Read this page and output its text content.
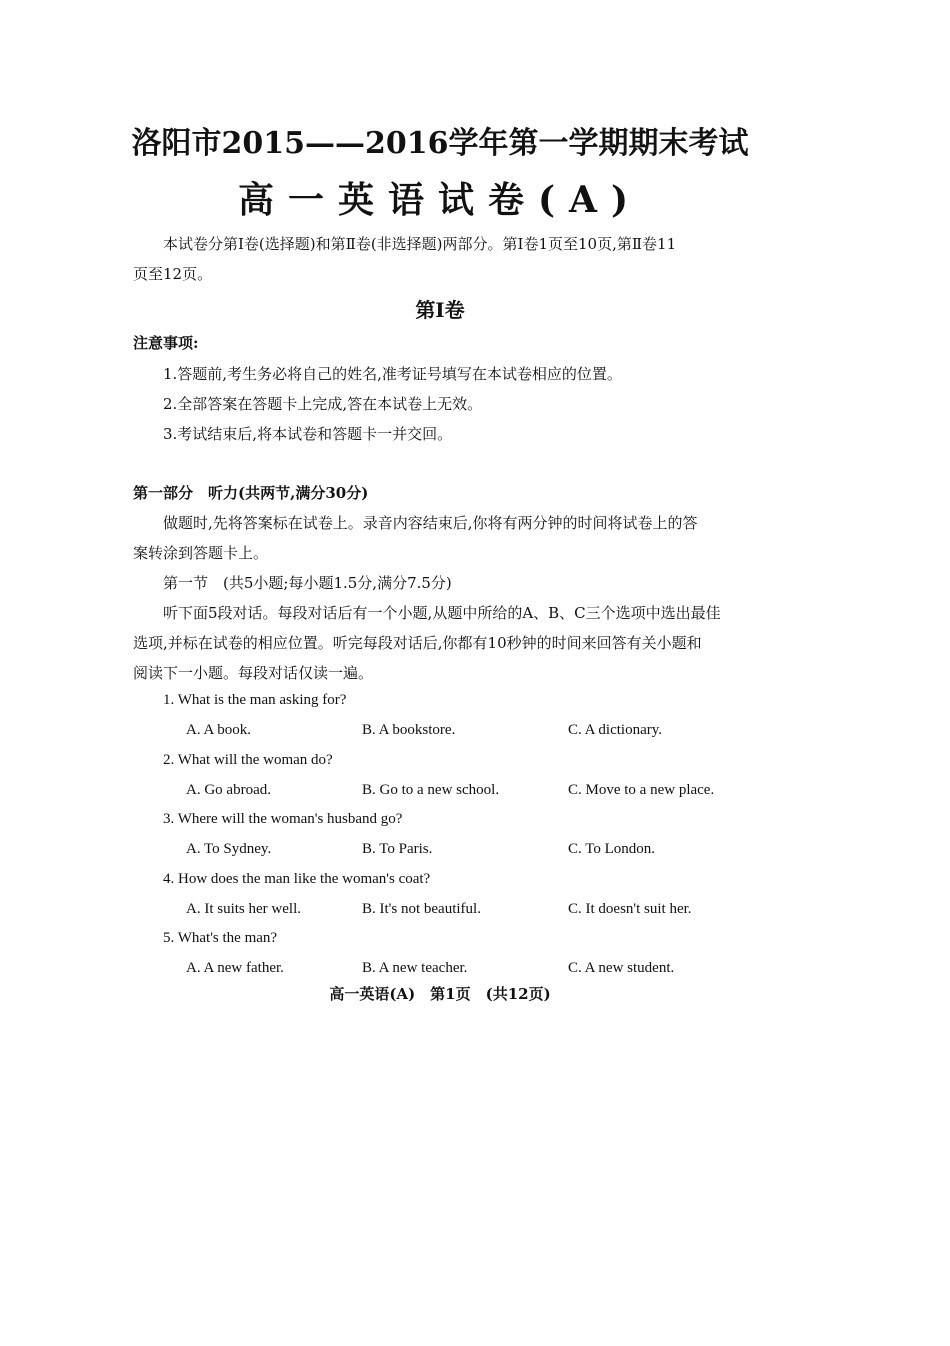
洛阳市2015——2016学年第一学期期末考试
高一英语试卷(A)
本试卷分第Ⅰ卷(选择题)和第Ⅱ卷(非选择题)两部分。第Ⅰ卷1页至10页,第Ⅱ卷11
页至12页。
第Ⅰ卷
注意事项:
1.答题前,考生务必将自己的姓名,准考证号填写在本试卷相应的位置。
2.全部答案在答题卡上完成,答在本试卷上无效。
3.考试结束后,将本试卷和答题卡一并交回。
第一部分　听力(共两节,满分30分)
做题时,先将答案标在试卷上。录音内容结束后,你将有两分钟的时间将试卷上的答
案转涂到答题卡上。
第一节　(共5小题;每小题1.5分,满分7.5分)
听下面5段对话。每段对话后有一个小题,从题中所给的A、B、C三个选项中选出最佳
选项,并标在试卷的相应位置。听完每段对话后,你都有10秒钟的时间来回答有关小题和
阅读下一小题。每段对话仅读一遍。
1. What is the man asking for?
A. A book.	B. A bookstore.	C. A dictionary.
2. What will the woman do?
A. Go abroad.	B. Go to a new school.	C. Move to a new place.
3. Where will the woman's husband go?
A. To Sydney.	B. To Paris.	C. To London.
4. How does the man like the woman's coat?
A. It suits her well.	B. It's not beautiful.	C. It doesn't suit her.
5. What's the man?
A. A new father.	B. A new teacher.	C. A new student.
高一英语(A)　第1页　(共12页)
